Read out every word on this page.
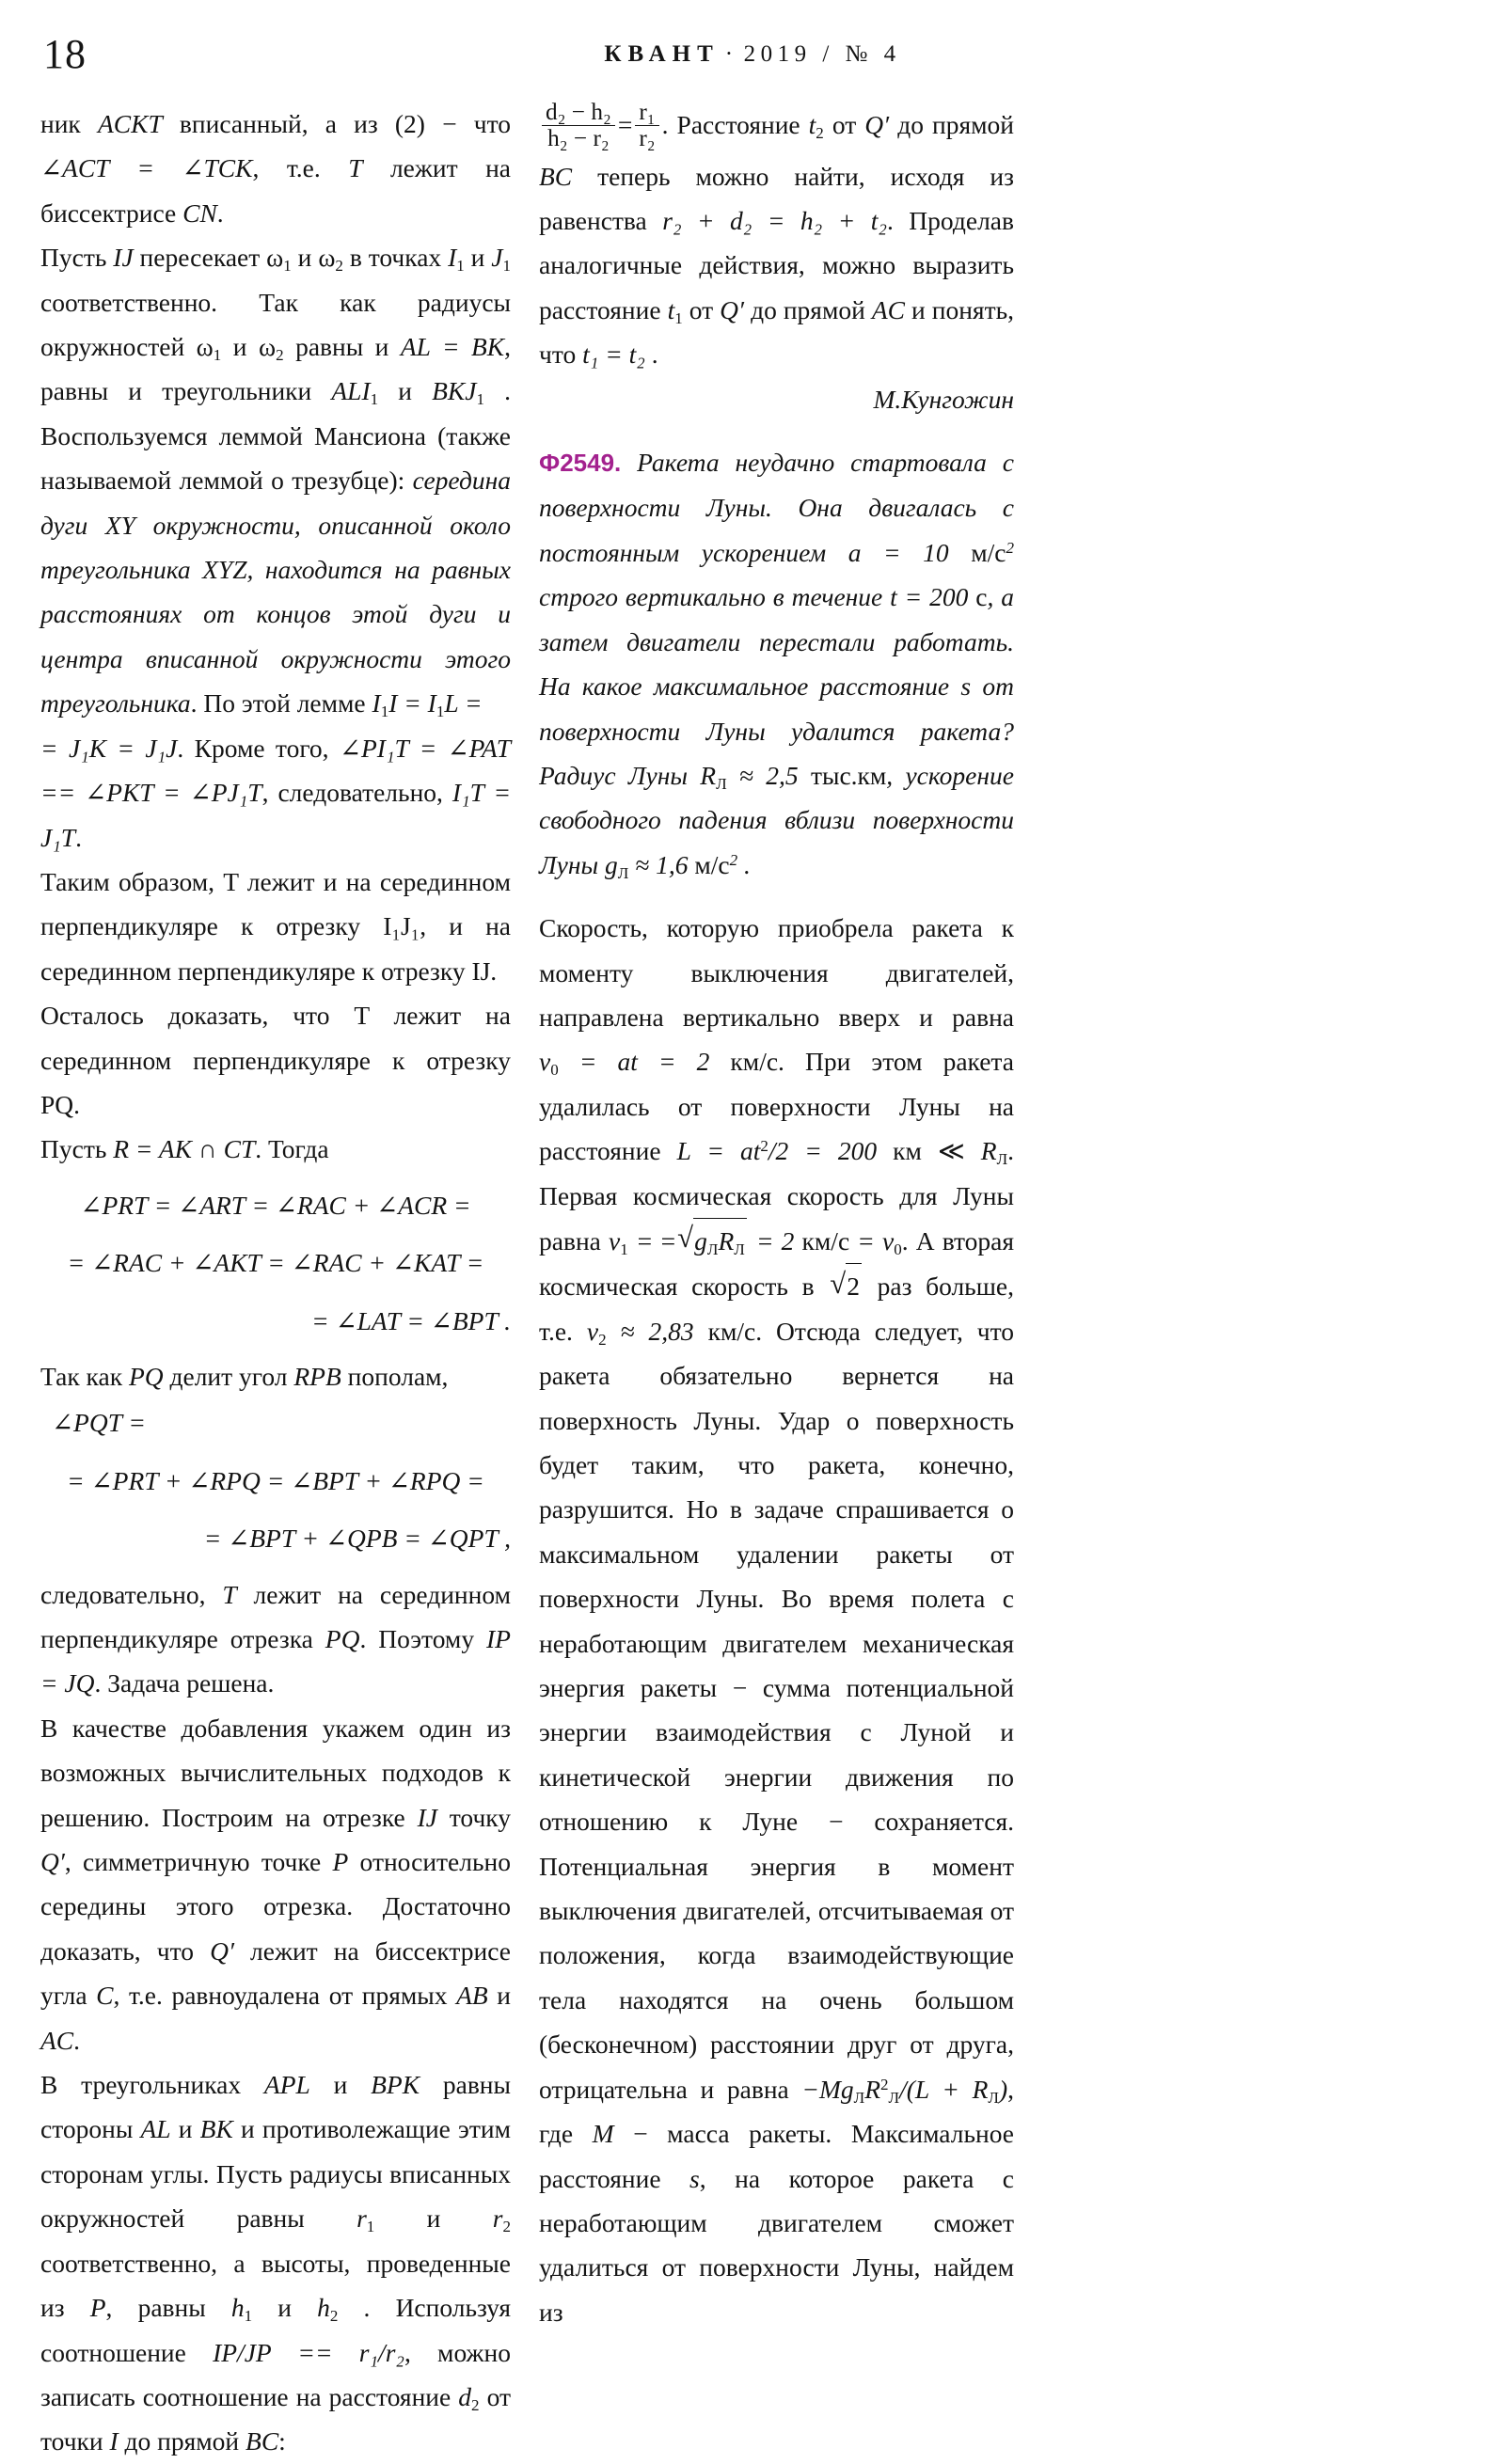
18	КВАНТ · 2019 / № 4

ник ACKT вписанный, а из (2) − что ∠ACT = ∠TCK, т.е. T лежит на биссектрисе CN.

Пусть IJ пересекает $\omega_1$ и $\omega_2$ в точках $I_1$ и $J_1$ соответственно. Так как радиусы окружностей $\omega_1$ и $\omega_2$ равны и AL = BK, равны и треугольники $ALI_1$ и $BKJ_1$ . Воспользуемся леммой Мансиона (также называемой леммой о трезубце): середина дуги XY окружности, описанной около треугольника XYZ, находится на равных расстояниях от концов этой дуги и центра вписанной окружности этого треугольника. По этой лемме $I_1I = I_1L$ =

= J₁K = J₁J. Кроме того, ∠PI₁T = ∠PAT == ∠PKT = ∠PJ₁T, следовательно, I₁T = J₁T.

Таким образом, T лежит и на серединном перпендикуляре к отрезку I₁J₁, и на серединном перпендикуляре к отрезку IJ.

Осталось доказать, что T лежит на серединном перпендикуляре к отрезку PQ.

Пусть R = AK ∩ CT. Тогда

∠PRT = ∠ART = ∠RAC + ∠ACR =
= ∠RAC + ∠AKT = ∠RAC + ∠KAT =
= ∠LAT = ∠BPT .

Так как PQ делит угол RPB пополам,

∠PQT =
= ∠PRT + ∠RPQ = ∠BPT + ∠RPQ =
= ∠BPT + ∠QPB = ∠QPT ,

следовательно, T лежит на серединном перпендикуляре отрезка PQ. Поэтому IP = JQ. Задача решена.

В качестве добавления укажем один из возможных вычислительных подходов к решению. Построим на отрезке IJ точку Q′, симметричную точке P относительно середины этого отрезка. Достаточно доказать, что Q′ лежит на биссектрисе угла C, т.е. равноудалена от прямых AB и AC.

В треугольниках APL и BPK равны стороны AL и BK и противолежащие этим сторонам углы. Пусть радиусы вписанных окружностей равны $r_1$ и $r_2$ соответственно, а высоты, проведенные из P, равны $h_1$ и $h_2$ . Используя соотношение IP/JP == r₁/r₂, можно записать соотношение на расстояние $d_2$ от точки I до прямой BC:

$\frac{\text{d₂ − h₂}}{\text{h₂ − r₂}} = \frac{\text{r₁}}{\text{r₂}}$ . Расстояние $t_2$ от Q′ до прямой BC теперь можно найти, исходя из равенства r₂ + d₂ = h₂ + t₂. Проделав аналогичные действия, можно выразить расстояние $t_1$ от Q′ до прямой AC и понять, что t₁ = t₂ .

М.Кунгожин

Ф2549. Ракета неудачно стартовала с поверхности Луны. Она двигалась с постоянным ускорением a = 10 $м/с^2$ строго вертикально в течение t = 200 с, а затем двигатели перестали работать. На какое максимальное расстояние s от поверхности Луны удалится ракета? Радиус Луны $R_Л \approx 2,5$ тыс.км, ускорение свободного падения вблизи поверхности Луны $g_Л \approx 1,6$ $м/с^2$ .

Скорость, которую приобрела ракета к моменту выключения двигателей, направлена вертикально вверх и равна $v_0$ = at = 2 км/с. При этом ракета удалилась от поверхности Луны на расстояние $L = at^2/2 = 200$ км ≪ $R_Л$. Первая космическая скорость для Луны равна $v_1$ = = √ $g_ЛR_Л = 2$ $км/с = v_0$. А вторая космическая скорость в √ 2 раз больше, т.е. $v_2 \approx 2,83$ км/с. Отсюда следует, что ракета обязательно вернется на поверхность Луны. Удар о поверхность будет таким, что ракета, конечно, разрушится. Но в задаче спрашивается о максимальном удалении ракеты от поверхности Луны. Во время полета с неработающим двигателем механическая энергия ракеты − сумма потенциальной энергии взаимодействия с Луной и кинетической энергии движения по отношению к Луне − сохраняется. Потенциальная энергия в момент выключения двигателей, отсчитываемая от положения, когда взаимодействующие тела находятся на очень большом (бесконечном) расстоянии друг от друга, отрицательна и равна $-Mg_ЛR^2_Л/(L + R_Л)$, где M − масса ракеты. Максимальное расстояние s, на которое ракета с неработающим двигателем сможет удалиться от поверхности Луны, найдем из
